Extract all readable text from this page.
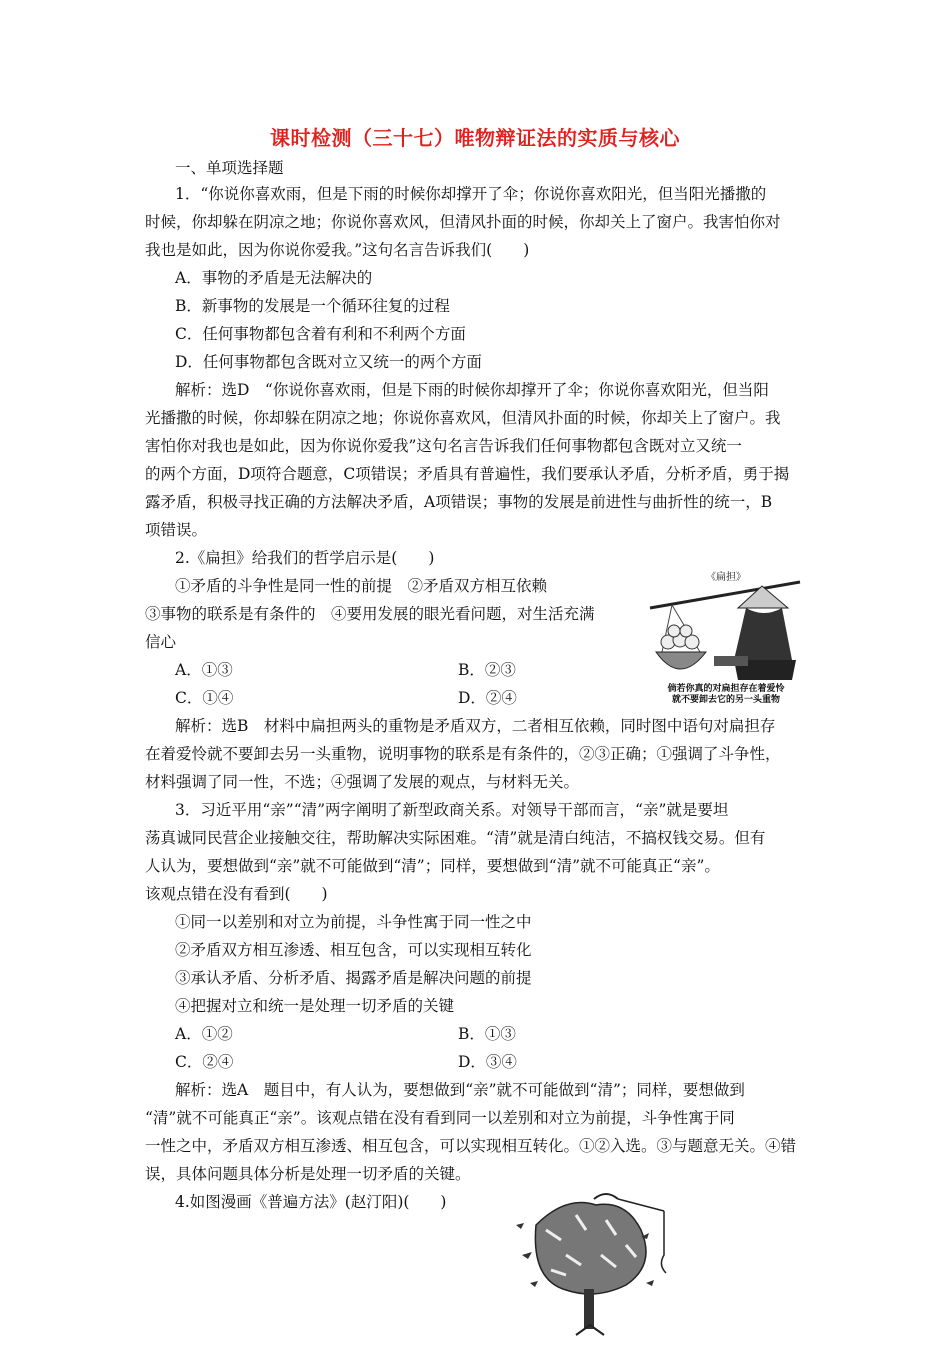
课时检测（三十七）唯物辩证法的实质与核心
一、单项选择题
1．“你说你喜欢雨，但是下雨的时候你却撑开了伞；你说你喜欢阳光，但当阳光播撒的
时候，你却躲在阴凉之地；你说你喜欢风，但清风扑面的时候，你却关上了窗户。我害怕你对
我也是如此，因为你说你爱我。”这句名言告诉我们(　　)
A．事物的矛盾是无法解决的
B．新事物的发展是一个循环往复的过程
C．任何事物都包含着有利和不利两个方面
D．任何事物都包含既对立又统一的两个方面
解析：选D　“你说你喜欢雨，但是下雨的时候你却撑开了伞；你说你喜欢阳光，但当阳
光播撒的时候，你却躲在阴凉之地；你说你喜欢风，但清风扑面的时候，你却关上了窗户。我
害怕你对我也是如此，因为你说你爱我”这句名言告诉我们任何事物都包含既对立又统一
的两个方面，D项符合题意，C项错误；矛盾具有普遍性，我们要承认矛盾，分析矛盾，勇于揭
露矛盾，积极寻找正确的方法解决矛盾，A项错误；事物的发展是前进性与曲折性的统一，B
项错误。
2.《扁担》给我们的哲学启示是(　　)
①矛盾的斗争性是同一性的前提　②矛盾双方相互依赖
③事物的联系是有条件的　④要用发展的眼光看问题，对生活充满
信心
A．①③	B．②③
C．①④	D．②④
《扁担》
倘若你真的对扁担存在着爱怜
就不要卸去它的另一头重物
解析：选B　材料中扁担两头的重物是矛盾双方，二者相互依赖，同时图中语句对扁担存
在着爱怜就不要卸去另一头重物，说明事物的联系是有条件的，②③正确；①强调了斗争性，
材料强调了同一性，不选；④强调了发展的观点，与材料无关。
3．习近平用“亲”“清”两字阐明了新型政商关系。对领导干部而言，“亲”就是要坦
荡真诚同民营企业接触交往，帮助解决实际困难。“清”就是清白纯洁，不搞权钱交易。但有
人认为，要想做到“亲”就不可能做到“清”；同样，要想做到“清”就不可能真正“亲”。
该观点错在没有看到(　　)
①同一以差别和对立为前提，斗争性寓于同一性之中
②矛盾双方相互渗透、相互包含，可以实现相互转化
③承认矛盾、分析矛盾、揭露矛盾是解决问题的前提
④把握对立和统一是处理一切矛盾的关键
A．①②	B．①③
C．②④	D．③④
解析：选A　题目中，有人认为，要想做到“亲”就不可能做到“清”；同样，要想做到
“清”就不可能真正“亲”。该观点错在没有看到同一以差别和对立为前提，斗争性寓于同
一性之中，矛盾双方相互渗透、相互包含，可以实现相互转化。①②入选。③与题意无关。④错
误，具体问题具体分析是处理一切矛盾的关键。
4.如图漫画《普遍方法》(赵汀阳)(　　)
